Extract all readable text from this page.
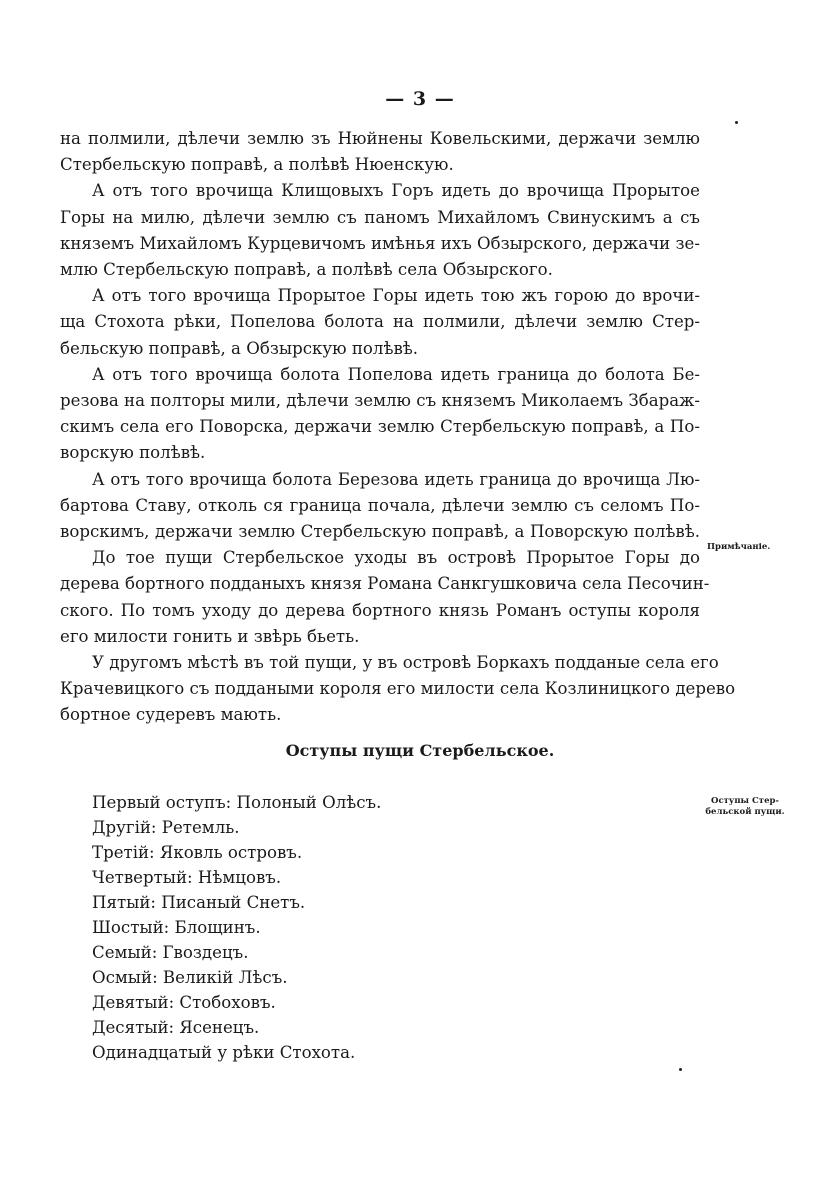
— 3 —

на полмили, дѣлечи землю зъ Нюйнены Ковельскими, держачи землю
Стербельскую поправѣ, а полѣвѣ Нюенскую.

А отъ того врочища Клищовыхъ Горъ идеть до врочища Прорытое
Горы на милю, дѣлечи землю съ паномъ Михайломъ Свинускимъ а съ
княземъ Михайломъ Курцевичомъ имѣнья ихъ Обзырского, держачи зе-
млю Стербельскую поправѣ, а полѣвѣ села Обзырского.

А отъ того врочища Прорытое Горы идеть тою жъ горою до врочи-
ща Стохота рѣки, Попелова болота на полмили, дѣлечи землю Стер-
бельскую поправѣ, а Обзырскую полѣвѣ.

А отъ того врочища болота Попелова идеть граница до болота Бе-
резова на полторы мили, дѣлечи землю съ княземъ Миколаемъ Збараж-
скимъ села его Поворска, держачи землю Стербельскую поправѣ, а По-
ворскую полѣвѣ.

А отъ того врочища болота Березова идеть граница до врочища Лю-
бартова Ставу, отколь ся граница почала, дѣлечи землю съ селомъ По-
ворскимъ, держачи землю Стербельскую поправѣ, а Поворскую полѣвѣ.

До тое пущи Стербельское уходы въ островѣ Прорытое Горы до
дерева бортного подданыхъ князя Романа Санкгушковича села Песочин-
ского. По томъ уходу до дерева бортного князь Романъ оступы короля
его милости гонить и звѣрь бьеть.

У другомъ мѣстѣ въ той пущи, у въ островѣ Боркахъ подданые села его
Крачевицкого съ поддаными короля его милости села Козлиницкого дерево
бортное судеревъ мають.

Примѣчаніе.
Оступы пущи Стербельское.
Первый оступъ: Полоный Олѣсъ.
Другій: Ретемль.
Третій: Яковль островъ.
Четвертый: Нѣмцовъ.
Пятый: Писаный Снетъ.
Шостый: Блощинъ.
Семый: Гвоздецъ.
Осмый: Великій Лѣсъ.
Девятый: Стобоховъ.
Десятый: Ясенецъ.
Одинадцатый у рѣки Стохота.
Оступы Стер-
бельской пущи.
